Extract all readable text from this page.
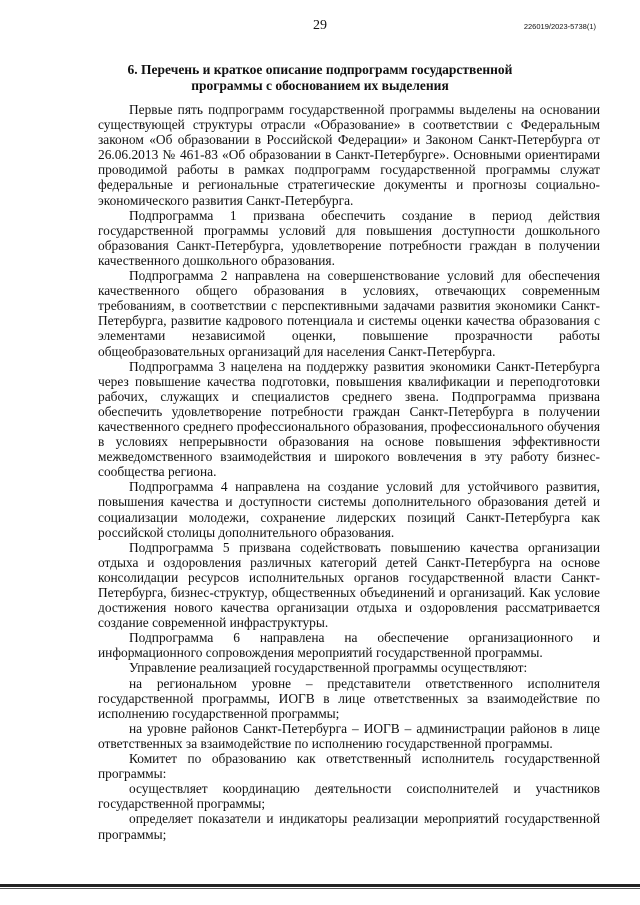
29	226019/2023-5738(1)
6. Перечень и краткое описание подпрограмм государственной
программы с обоснованием их выделения

Первые пять подпрограмм государственной программы выделены на основании существующей структуры отрасли «Образование» в соответствии с Федеральным законом «Об образовании в Российской Федерации» и Законом Санкт-Петербурга от 26.06.2013 № 461-83 «Об образовании в Санкт-Петербурге». Основными ориентирами проводимой работы в рамках подпрограмм государственной программы служат федеральные и региональные стратегические документы и прогнозы социально-экономического развития Санкт-Петербурга.

Подпрограмма 1 призвана обеспечить создание в период действия государственной программы условий для повышения доступности дошкольного образования Санкт-Петербурга, удовлетворение потребности граждан в получении качественного дошкольного образования.

Подпрограмма 2 направлена на совершенствование условий для обеспечения качественного общего образования в условиях, отвечающих современным требованиям, в соответствии с перспективными задачами развития экономики Санкт-Петербурга, развитие кадрового потенциала и системы оценки качества образования с элементами независимой оценки, повышение прозрачности работы общеобразовательных организаций для населения Санкт-Петербурга.

Подпрограмма 3 нацелена на поддержку развития экономики Санкт-Петербурга через повышение качества подготовки, повышения квалификации и переподготовки рабочих, служащих и специалистов среднего звена. Подпрограмма призвана обеспечить удовлетворение потребности граждан Санкт-Петербурга в получении качественного среднего профессионального образования, профессионального обучения в условиях непрерывности образования на основе повышения эффективности межведомственного взаимодействия и широкого вовлечения в эту работу бизнес-сообщества региона.

Подпрограмма 4 направлена на создание условий для устойчивого развития, повышения качества и доступности системы дополнительного образования детей и социализации молодежи, сохранение лидерских позиций Санкт-Петербурга как российской столицы дополнительного образования.

Подпрограмма 5 призвана содействовать повышению качества организации отдыха и оздоровления различных категорий детей Санкт-Петербурга на основе консолидации ресурсов исполнительных органов государственной власти Санкт-Петербурга, бизнес-структур, общественных объединений и организаций. Как условие достижения нового качества организации отдыха и оздоровления рассматривается создание современной инфраструктуры.

Подпрограмма 6 направлена на обеспечение организационного и информационного сопровождения мероприятий государственной программы.

Управление реализацией государственной программы осуществляют:

на региональном уровне – представители ответственного исполнителя государственной программы, ИОГВ в лице ответственных за взаимодействие по исполнению государственной программы;

на уровне районов Санкт-Петербурга – ИОГВ – администрации районов в лице ответственных за взаимодействие по исполнению государственной программы.

Комитет по образованию как ответственный исполнитель государственной программы:

осуществляет координацию деятельности соисполнителей и участников государственной программы;

определяет показатели и индикаторы реализации мероприятий государственной программы;
